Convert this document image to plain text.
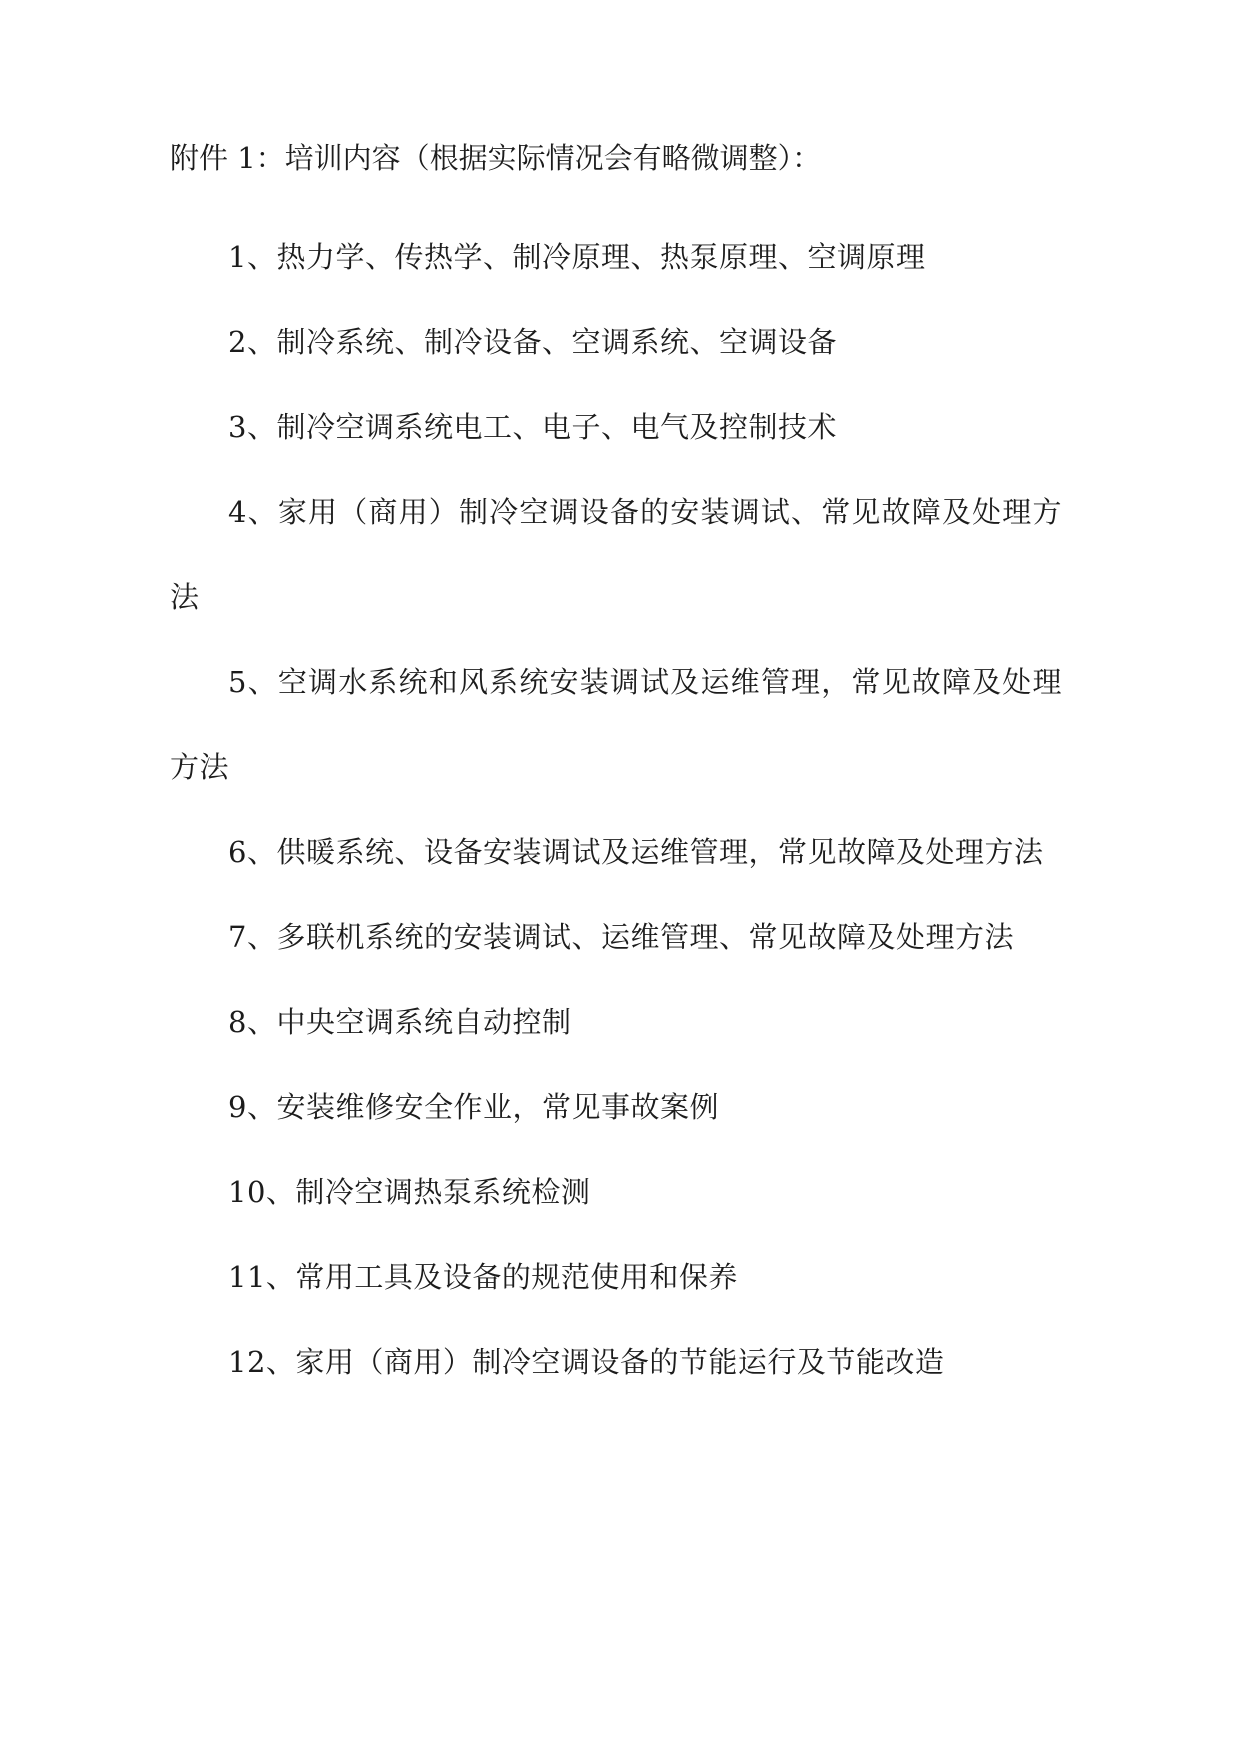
附件 1：培训内容（根据实际情况会有略微调整）：

1、热力学、传热学、制冷原理、热泵原理、空调原理

2、制冷系统、制冷设备、空调系统、空调设备

3、制冷空调系统电工、电子、电气及控制技术

4、家用（商用）制冷空调设备的安装调试、常见故障及处理方法

5、空调水系统和风系统安装调试及运维管理，常见故障及处理方法

6、供暖系统、设备安装调试及运维管理，常见故障及处理方法

7、多联机系统的安装调试、运维管理、常见故障及处理方法

8、中央空调系统自动控制

9、安装维修安全作业，常见事故案例

10、制冷空调热泵系统检测

11、常用工具及设备的规范使用和保养

12、家用（商用）制冷空调设备的节能运行及节能改造
